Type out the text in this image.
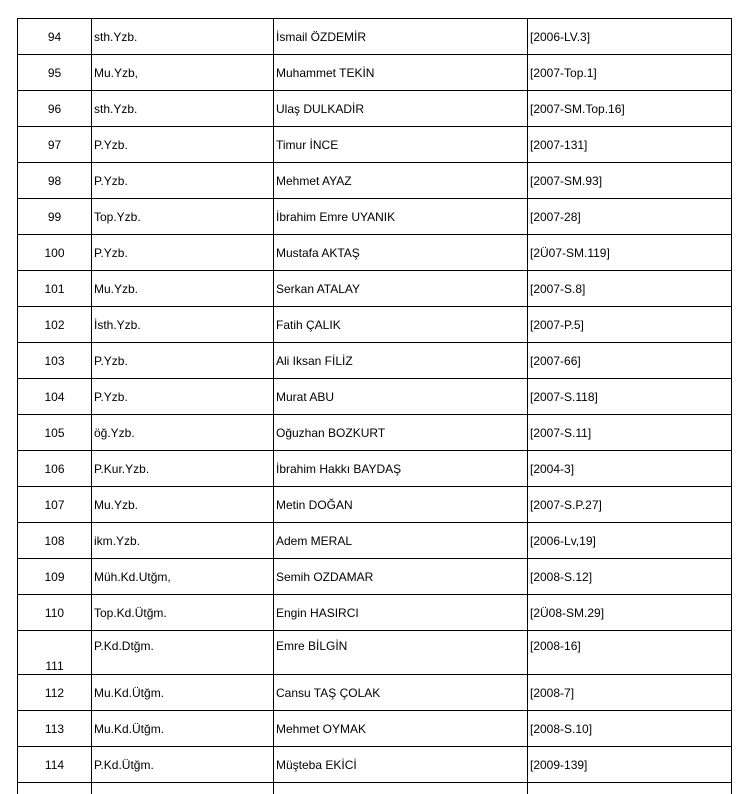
94	sth.Yzb.	İsmail ÖZDEMİR	[2006-LV.3]
95	Mu.Yzb,	Muhammet TEKİN	[2007-Top.1]
96	sth.Yzb.	Ulaş DULKADİR	[2007-SM.Top.16]
97	P.Yzb.	Timur İNCE	[2007-131]
98	P.Yzb.	Mehmet AYAZ	[2007-SM.93]
99	Top.Yzb.	İbrahim Emre UYANIK	[2007-28]
100	P.Yzb.	Mustafa AKTAŞ	[2Ü07-SM.119]
101	Mu.Yzb.	Serkan ATALAY	[2007-S.8]
102	İsth.Yzb.	Fatih ÇALIK	[2007-P.5]
103	P.Yzb.	Ali Iksan FİLİZ	[2007-66]
104	P.Yzb.	Murat ABU	[2007-S.118]
105	öğ.Yzb.	Oğuzhan BOZKURT	[2007-S.11]
106	P.Kur.Yzb.	İbrahim Hakkı BAYDAŞ	[2004-3]
107	Mu.Yzb.	Metin DOĞAN	[2007-S.P.27]
108	ikm.Yzb.	Adem MERAL	[2006-Lv,19]
109	Müh.Kd.Utğm,	Semih OZDAMAR	[2008-S.12]
110	Top.Kd.Ütğm.	Engin HASIRCI	[2Ü08-SM.29]
111	P.Kd.Dtğm.	Emre BİLGİN	[2008-16]
112	Mu.Kd.Ütğm.	Cansu TAŞ ÇOLAK	[2008-7]
113	Mu.Kd.Ütğm.	Mehmet OYMAK	[2008-S.10]
114	P.Kd.Ütğm.	Müşteba EKİCİ	[2009-139]
